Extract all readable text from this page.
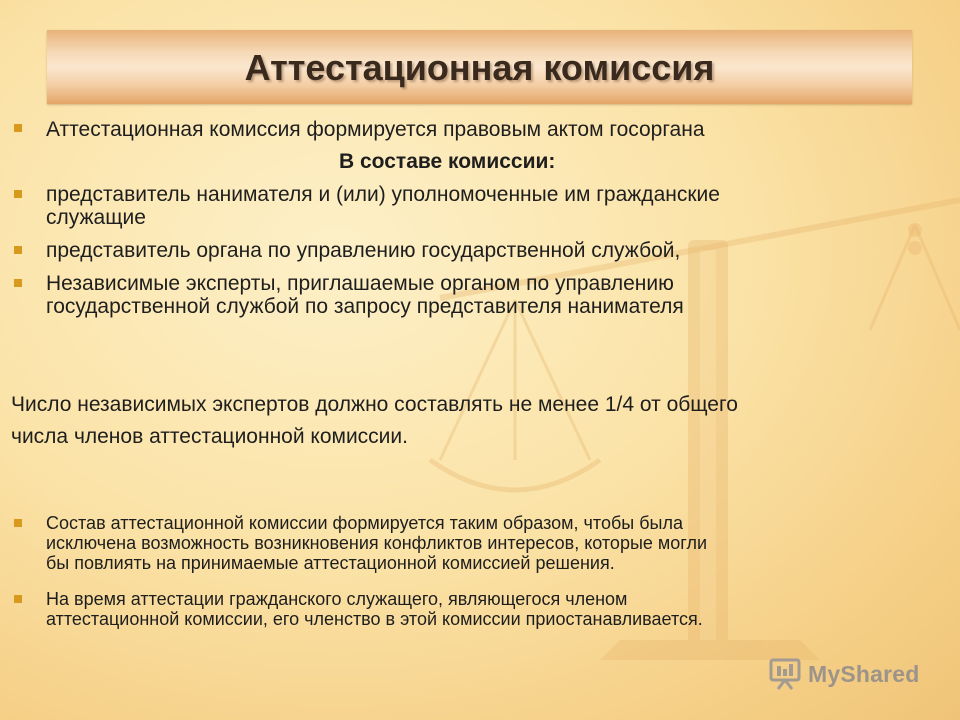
Аттестационная комиссия
Аттестационная комиссия формируется правовым актом госоргана
В составе комиссии:
представитель нанимателя и (или) уполномоченные им гражданские
служащие
представитель органа по управлению государственной службой,
Независимые эксперты, приглашаемые органом по управлению
государственной службой по запросу представителя нанимателя
Число независимых экспертов должно составлять не менее 1/4 от общего
числа членов аттестационной комиссии.
Состав аттестационной комиссии формируется таким образом, чтобы была
исключена возможность возникновения конфликтов интересов, которые могли
бы повлиять на принимаемые аттестационной комиссией решения.
На время аттестации гражданского служащего, являющегося членом
аттестационной комиссии, его членство в этой комиссии приостанавливается.
MyShared
